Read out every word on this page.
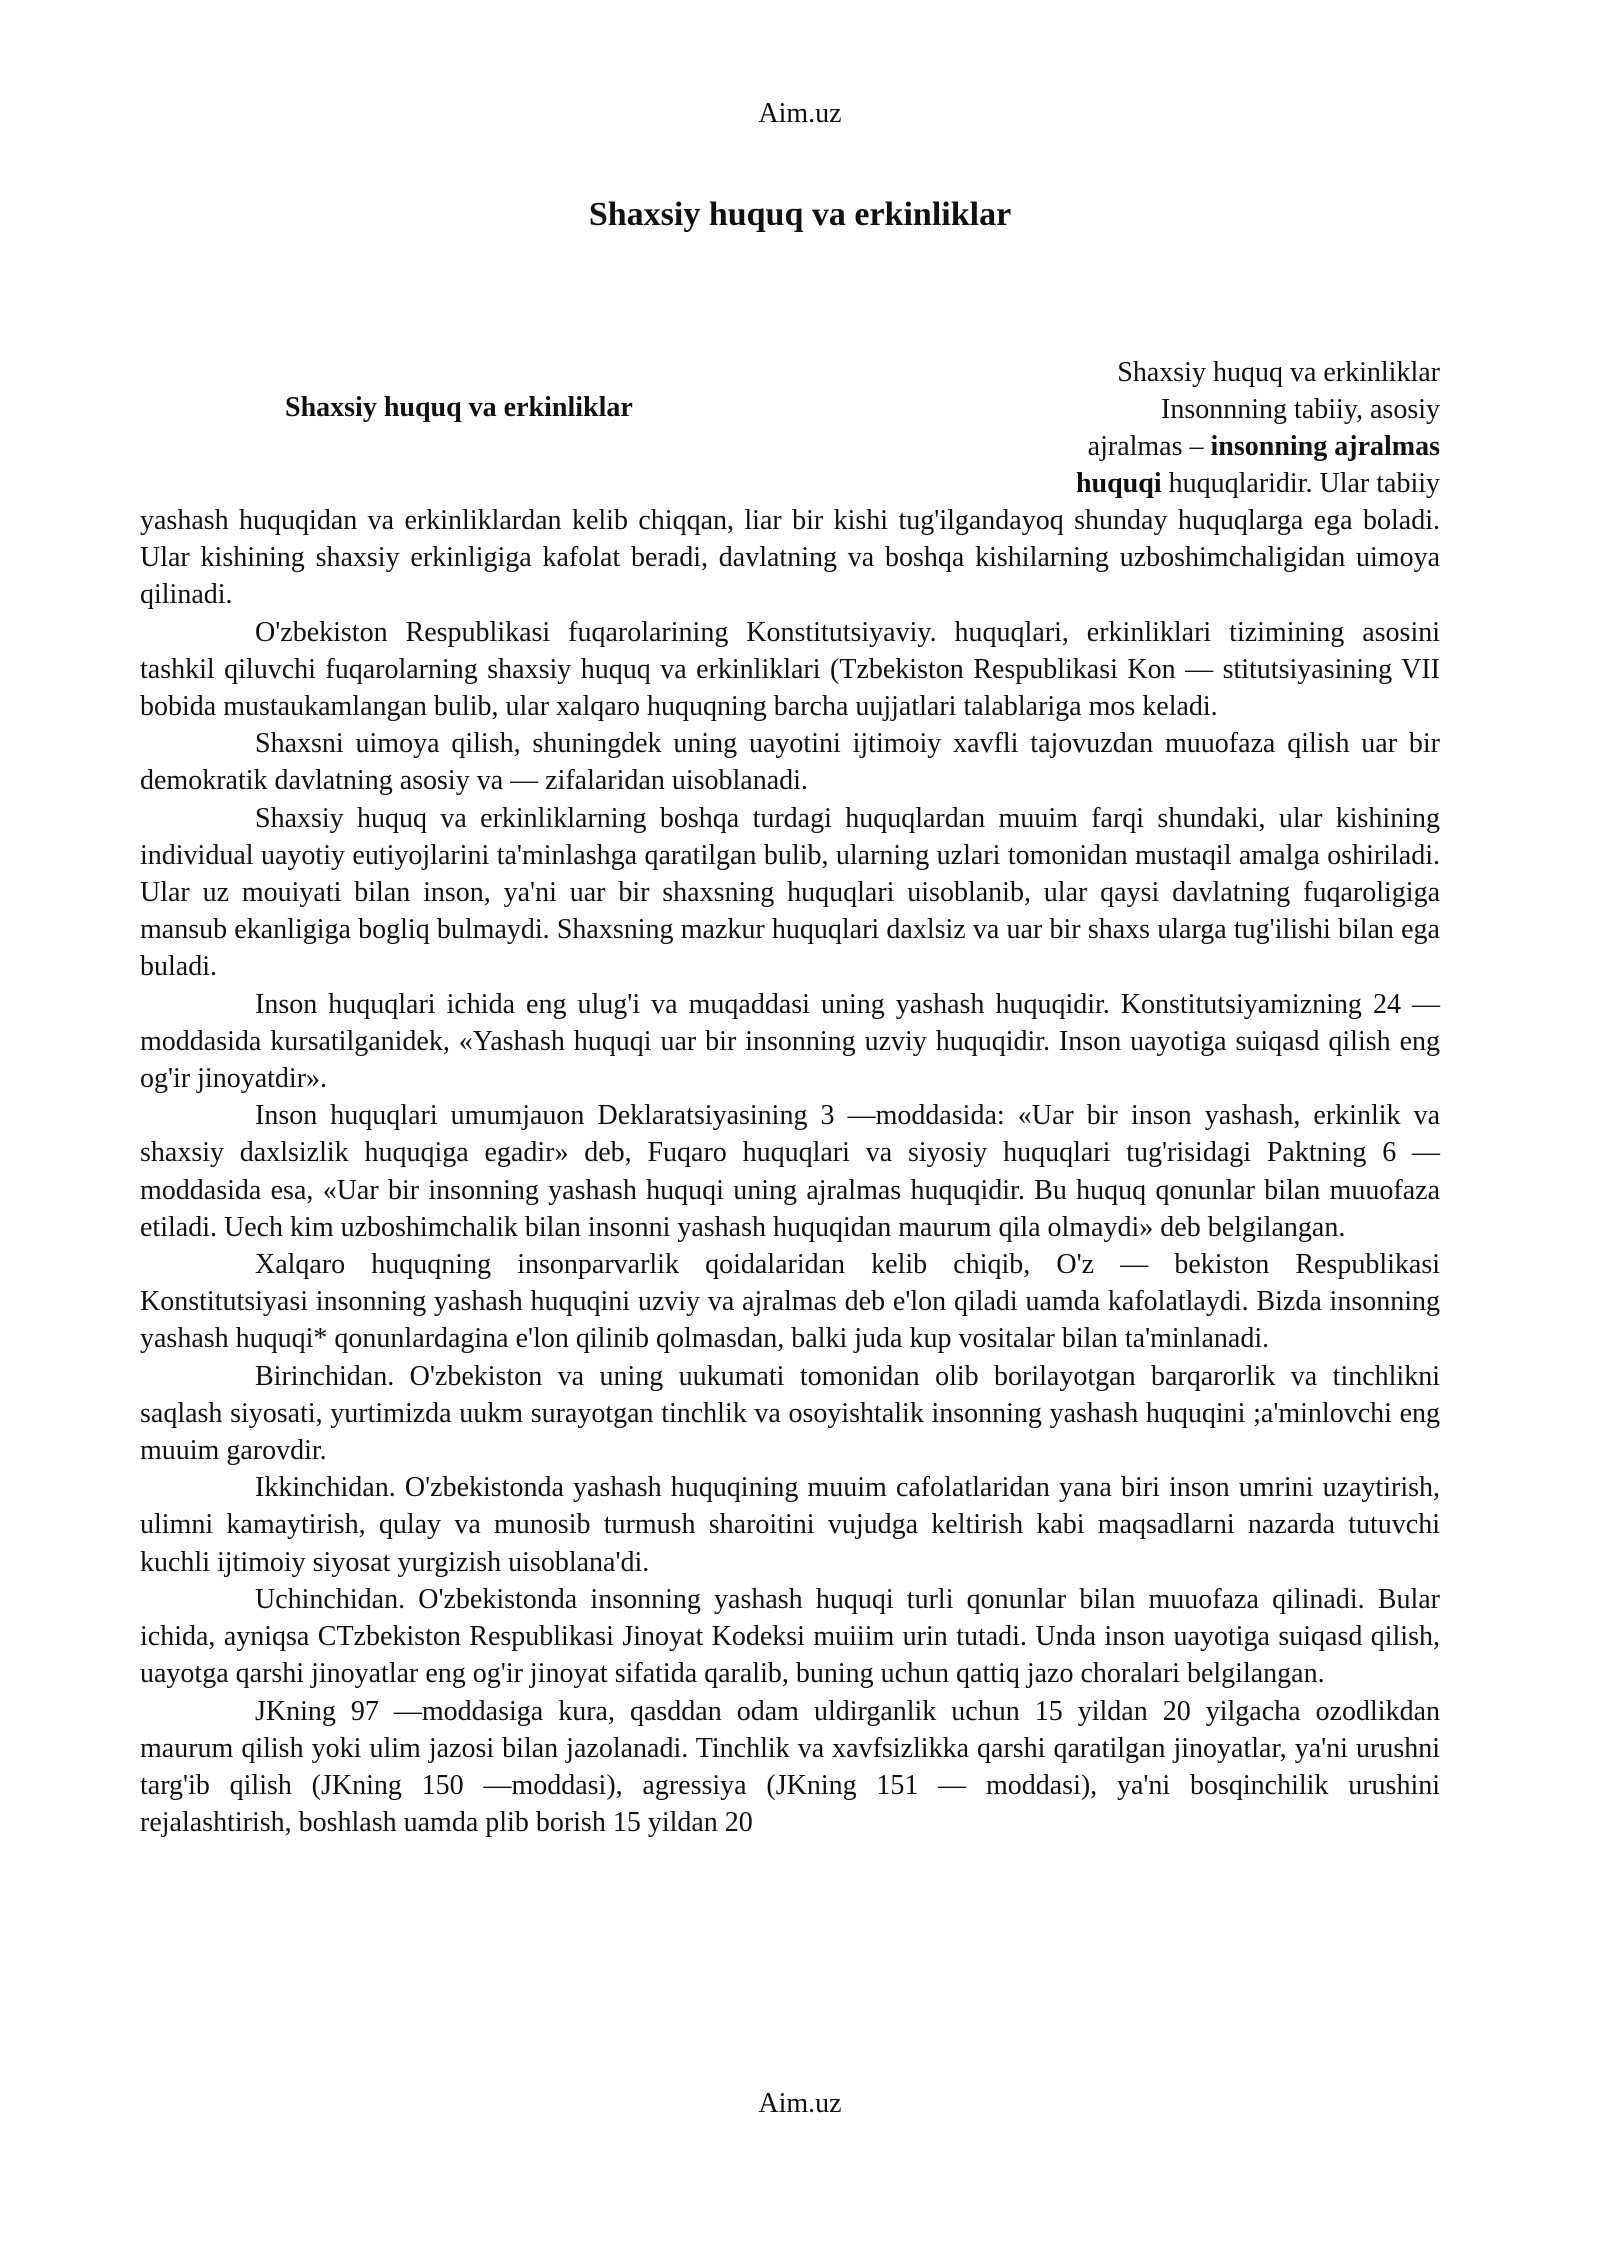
Aim.uz
Shaxsiy huquq va erkinliklar
Shaxsiy huquq va erkinliklar
Shaxsiy huquq va erkinliklar
Insonnning tabiiy, asosiy
ajralmas – insonning ajralmas
huquqi huquqlaridir. Ular tabiiy

yashash huquqidan va erkinliklardan kelib chiqqan, liar bir kishi tug'ilgandayoq shunday huquqlarga ega boladi. Ular kishining shaxsiy erkinligiga kafolat beradi, davlatning va boshqa kishilarning uzboshimchaligidan uimoya qilinadi.

O'zbekiston Respublikasi fuqarolarining Konstitutsiyaviy. huquqlari, erkinliklari tizimining asosini tashkil qiluvchi fuqarolarning shaxsiy huquq va erkinliklari (Tzbekiston Respublikasi Kon — stitutsiyasining VII bobida mustaukamlangan bulib, ular xalqaro huquqning barcha uujjatlari talablariga mos keladi.

Shaxsni uimoya qilish, shuningdek uning uayotini ijtimoiy xavfli tajovuzdan muuofaza qilish uar bir demokratik davlatning asosiy va — zifalaridan uisoblanadi.

Shaxsiy huquq va erkinliklarning boshqa turdagi huquqlardan muuim farqi shundaki, ular kishining individual uayotiy eutiyojlarini ta'minlashga qaratilgan bulib, ularning uzlari tomonidan mustaqil amalga oshiriladi. Ular uz mouiyati bilan inson, ya'ni uar bir shaxsning huquqlari uisoblanib, ular qaysi davlatning fuqaroligiga mansub ekanligiga bogliq bulmaydi. Shaxsning mazkur huquqlari daxlsiz va uar bir shaxs ularga tug'ilishi bilan ega buladi.

Inson huquqlari ichida eng ulug'i va muqaddasi uning yashash huquqidir. Konstitutsiyamizning 24 —moddasida kursatilganidek, «Yashash huquqi uar bir insonning uzviy huquqidir. Inson uayotiga suiqasd qilish eng og'ir jinoyatdir».

Inson huquqlari umumjauon Deklaratsiyasining 3 —moddasida: «Uar bir inson yashash, erkinlik va shaxsiy daxlsizlik huquqiga egadir» deb, Fuqaro huquqlari va siyosiy huquqlari tug'risidagi Paktning 6 — moddasida esa, «Uar bir insonning yashash huquqi uning ajralmas huquqidir. Bu huquq qonunlar bilan muuofaza etiladi. Uech kim uzboshimchalik bilan insonni yashash huquqidan maurum qila olmaydi» deb belgilangan.

Xalqaro huquqning insonparvarlik qoidalaridan kelib chiqib, O'z — bekiston Respublikasi Konstitutsiyasi insonning yashash huquqini uzviy va ajralmas deb e'lon qiladi uamda kafolatlaydi. Bizda insonning yashash huquqi* qonunlardagina e'lon qilinib qolmasdan, balki juda kup vositalar bilan ta'minlanadi.

Birinchidan. O'zbekiston va uning uukumati tomonidan olib borilayotgan barqarorlik va tinchlikni saqlash siyosati, yurtimizda uukm surayotgan tinchlik va osoyishtalik insonning yashash huquqini ;a'minlovchi eng muuim garovdir.

Ikkinchidan. O'zbekistonda yashash huquqining muuim cafolatlaridan yana biri inson umrini uzaytirish, ulimni kamaytirish, qulay va munosib turmush sharoitini vujudga keltirish kabi maqsadlarni nazarda tutuvchi kuchli ijtimoiy siyosat yurgizish uisoblana'di.

Uchinchidan. O'zbekistonda insonning yashash huquqi turli qonunlar bilan muuofaza qilinadi. Bular ichida, ayniqsa CTzbekiston Respublikasi Jinoyat Kodeksi muiiim urin tutadi. Unda inson uayotiga suiqasd qilish, uayotga qarshi jinoyatlar eng og'ir jinoyat sifatida qaralib, buning uchun qattiq jazo choralari belgilangan.

JKning 97 —moddasiga kura, qasddan odam uldirganlik uchun 15 yildan 20 yilgacha ozodlikdan maurum qilish yoki ulim jazosi bilan jazolanadi. Tinchlik va xavfsizlikka qarshi qaratilgan jinoyatlar, ya'ni urushni targ'ib qilish (JKning 150 —moddasi), agressiya (JKning 151 — moddasi), ya'ni bosqinchilik urushini rejalashtirish, boshlash uamda plib borish 15 yildan 20

Aim.uz
